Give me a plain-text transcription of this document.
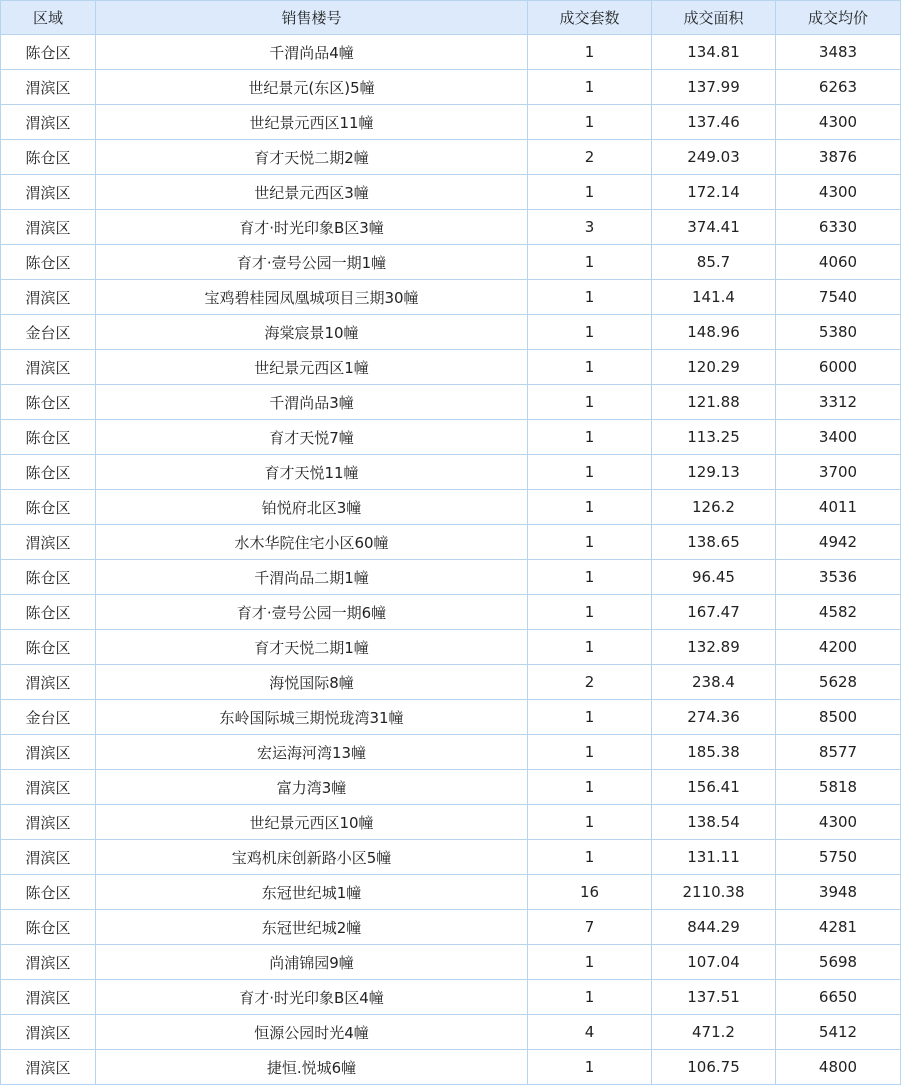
区域	销售楼号	成交套数	成交面积	成交均价
陈仓区	千渭尚品4幢	1	134.81	3483
渭滨区	世纪景元(东区)5幢	1	137.99	6263
渭滨区	世纪景元西区11幢	1	137.46	4300
陈仓区	育才天悦二期2幢	2	249.03	3876
渭滨区	世纪景元西区3幢	1	172.14	4300
渭滨区	育才·时光印象B区3幢	3	374.41	6330
陈仓区	育才·壹号公园一期1幢	1	85.7	4060
渭滨区	宝鸡碧桂园凤凰城项目三期30幢	1	141.4	7540
金台区	海棠宸景10幢	1	148.96	5380
渭滨区	世纪景元西区1幢	1	120.29	6000
陈仓区	千渭尚品3幢	1	121.88	3312
陈仓区	育才天悦7幢	1	113.25	3400
陈仓区	育才天悦11幢	1	129.13	3700
陈仓区	铂悦府北区3幢	1	126.2	4011
渭滨区	水木华院住宅小区60幢	1	138.65	4942
陈仓区	千渭尚品二期1幢	1	96.45	3536
陈仓区	育才·壹号公园一期6幢	1	167.47	4582
陈仓区	育才天悦二期1幢	1	132.89	4200
渭滨区	海悦国际8幢	2	238.4	5628
金台区	东岭国际城三期悦珑湾31幢	1	274.36	8500
渭滨区	宏运海河湾13幢	1	185.38	8577
渭滨区	富力湾3幢	1	156.41	5818
渭滨区	世纪景元西区10幢	1	138.54	4300
渭滨区	宝鸡机床创新路小区5幢	1	131.11	5750
陈仓区	东冠世纪城1幢	16	2110.38	3948
陈仓区	东冠世纪城2幢	7	844.29	4281
渭滨区	尚浦锦园9幢	1	107.04	5698
渭滨区	育才·时光印象B区4幢	1	137.51	6650
渭滨区	恒源公园时光4幢	4	471.2	5412
渭滨区	捷恒.悦城6幢	1	106.75	4800
